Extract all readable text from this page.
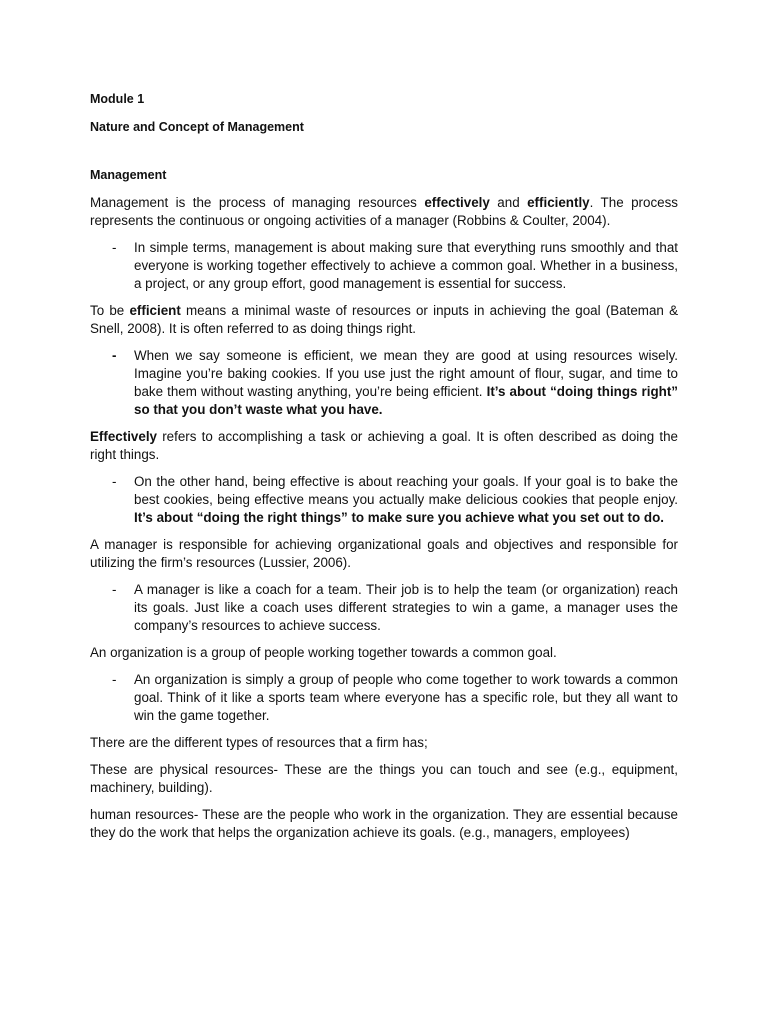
Module 1
Nature and Concept of Management
Management

Management is the process of managing resources effectively and efficiently. The process represents the continuous or ongoing activities of a manager (Robbins & Coulter, 2004).

-	In simple terms, management is about making sure that everything runs smoothly and that everyone is working together effectively to achieve a common goal. Whether in a business, a project, or any group effort, good management is essential for success.

To be efficient means a minimal waste of resources or inputs in achieving the goal (Bateman & Snell, 2008). It is often referred to as doing things right.

-	When we say someone is efficient, we mean they are good at using resources wisely. Imagine you’re baking cookies. If you use just the right amount of flour, sugar, and time to bake them without wasting anything, you’re being efficient. It’s about “doing things right” so that you don’t waste what you have.

Effectively refers to accomplishing a task or achieving a goal. It is often described as doing the right things.

-	On the other hand, being effective is about reaching your goals. If your goal is to bake the best cookies, being effective means you actually make delicious cookies that people enjoy. It’s about “doing the right things” to make sure you achieve what you set out to do.

A manager is responsible for achieving organizational goals and objectives and responsible for utilizing the firm’s resources (Lussier, 2006).

-	A manager is like a coach for a team. Their job is to help the team (or organization) reach its goals. Just like a coach uses different strategies to win a game, a manager uses the company’s resources to achieve success.

An organization is a group of people working together towards a common goal.

-	An organization is simply a group of people who come together to work towards a common goal. Think of it like a sports team where everyone has a specific role, but they all want to win the game together.

There are the different types of resources that a firm has;

These are physical resources- These are the things you can touch and see (e.g., equipment, machinery, building).

human resources- These are the people who work in the organization. They are essential because they do the work that helps the organization achieve its goals. (e.g., managers, employees)
